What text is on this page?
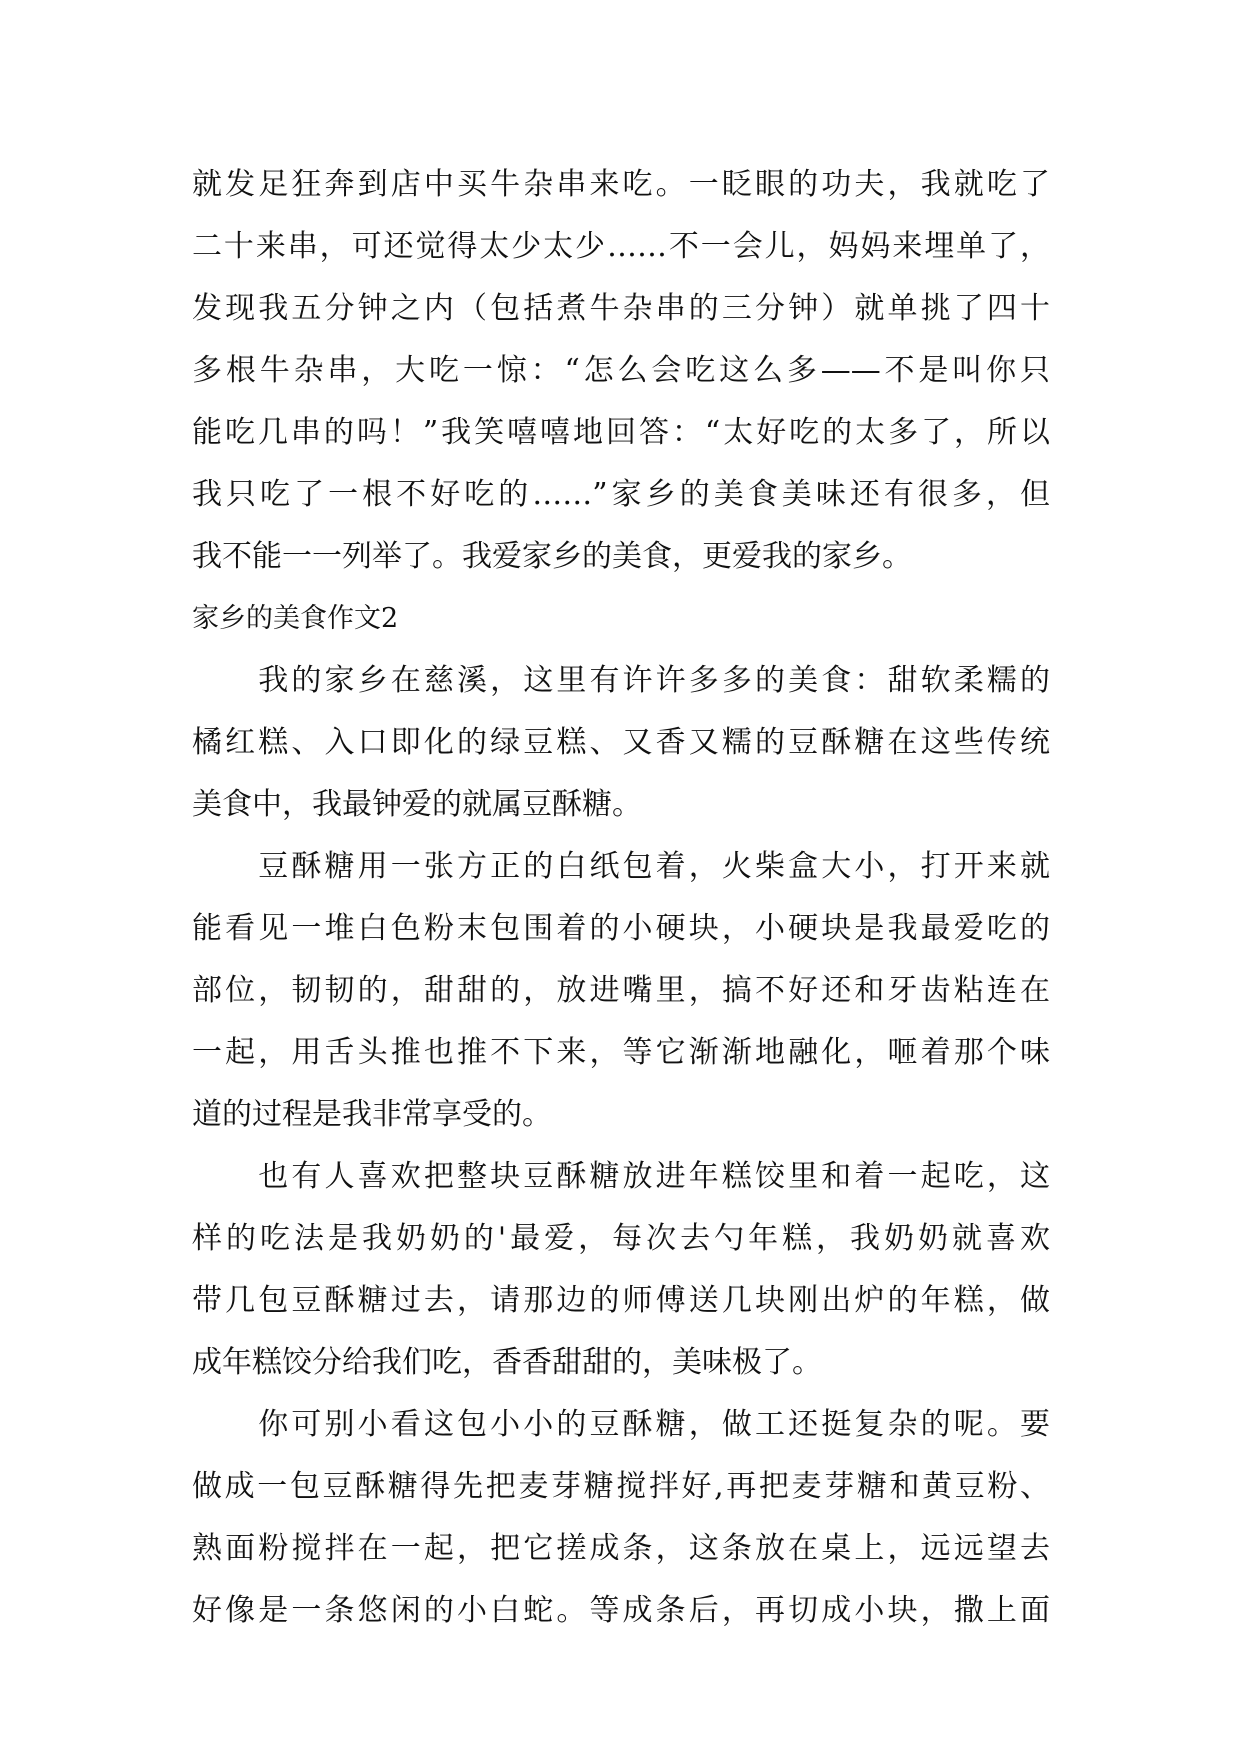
就发足狂奔到店中买牛杂串来吃。一眨眼的功夫，我就吃了
二十来串，可还觉得太少太少……不一会儿，妈妈来埋单了，
发现我五分钟之内（包括煮牛杂串的三分钟）就单挑了四十
多根牛杂串，大吃一惊：“怎么会吃这么多——不是叫你只
能吃几串的吗！”我笑嘻嘻地回答：“太好吃的太多了，所以
我只吃了一根不好吃的……”家乡的美食美味还有很多，但
我不能一一列举了。我爱家乡的美食，更爱我的家乡。
家乡的美食作文2
　　我的家乡在慈溪，这里有许许多多的美食：甜软柔糯的
橘红糕、入口即化的绿豆糕、又香又糯的豆酥糖在这些传统
美食中，我最钟爱的就属豆酥糖。
　　豆酥糖用一张方正的白纸包着，火柴盒大小，打开来就
能看见一堆白色粉末包围着的小硬块，小硬块是我最爱吃的
部位，韧韧的，甜甜的，放进嘴里，搞不好还和牙齿粘连在
一起，用舌头推也推不下来，等它渐渐地融化，咂着那个味
道的过程是我非常享受的。
　　也有人喜欢把整块豆酥糖放进年糕饺里和着一起吃，这
样的吃法是我奶奶的'最爱，每次去勺年糕，我奶奶就喜欢
带几包豆酥糖过去，请那边的师傅送几块刚出炉的年糕，做
成年糕饺分给我们吃，香香甜甜的，美味极了。
　　你可别小看这包小小的豆酥糖，做工还挺复杂的呢。要
做成一包豆酥糖得先把麦芽糖搅拌好,再把麦芽糖和黄豆粉、
熟面粉搅拌在一起，把它搓成条，这条放在桌上，远远望去
好像是一条悠闲的小白蛇。等成条后，再切成小块，撒上面
